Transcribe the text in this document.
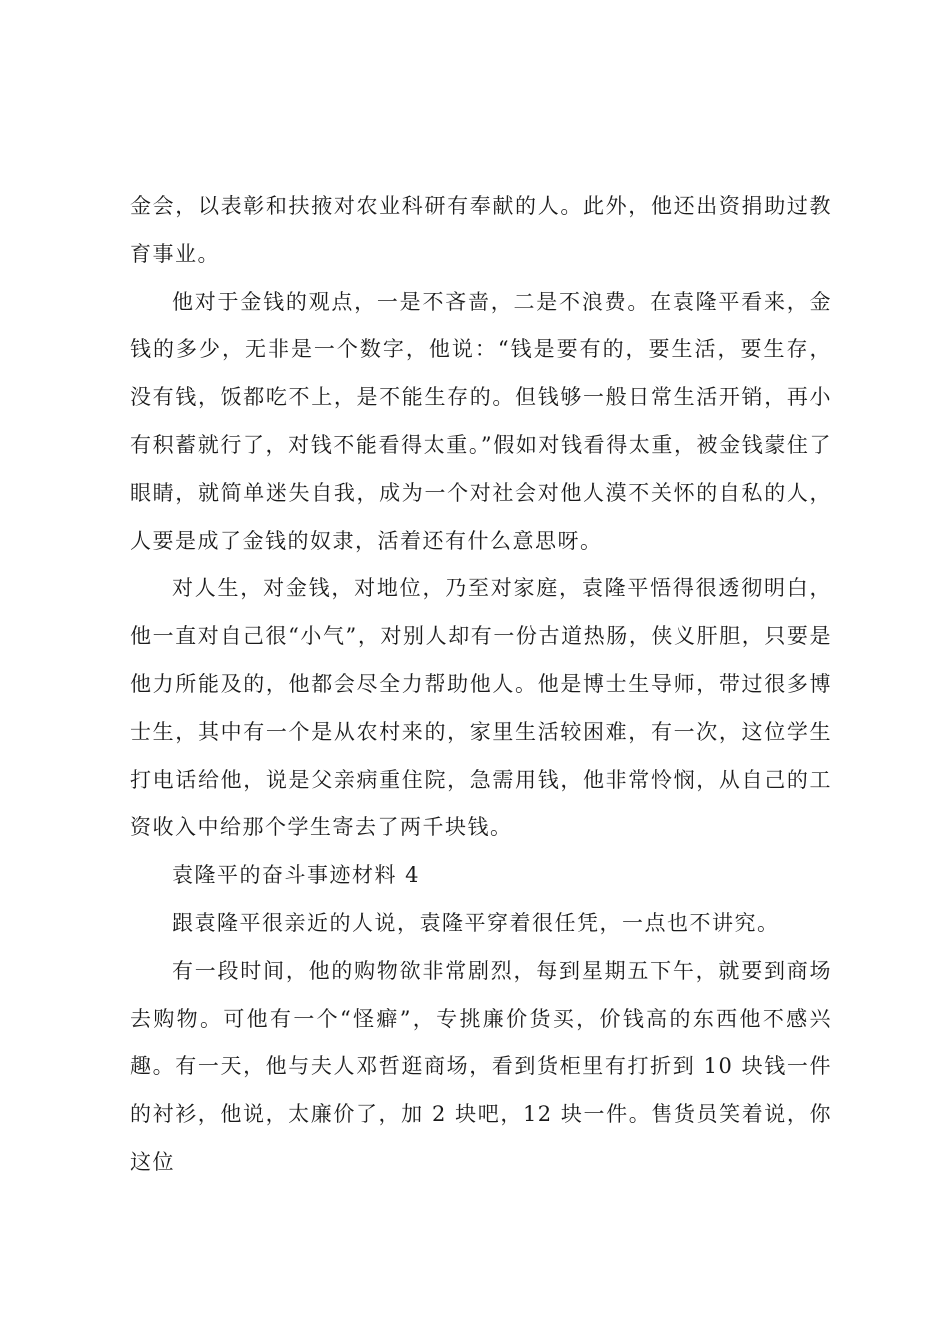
金会，以表彰和扶掖对农业科研有奉献的人。此外，他还出资捐助过教育事业。

他对于金钱的观点，一是不吝啬，二是不浪费。在袁隆平看来，金钱的多少，无非是一个数字，他说：“钱是要有的，要生活，要生存，没有钱，饭都吃不上，是不能生存的。但钱够一般日常生活开销，再小有积蓄就行了，对钱不能看得太重。”假如对钱看得太重，被金钱蒙住了眼睛，就简单迷失自我，成为一个对社会对他人漠不关怀的自私的人，人要是成了金钱的奴隶，活着还有什么意思呀。

对人生，对金钱，对地位，乃至对家庭，袁隆平悟得很透彻明白，他一直对自己很“小气”，对别人却有一份古道热肠，侠义肝胆，只要是他力所能及的，他都会尽全力帮助他人。他是博士生导师，带过很多博士生，其中有一个是从农村来的，家里生活较困难，有一次，这位学生打电话给他，说是父亲病重住院，急需用钱，他非常怜悯，从自己的工资收入中给那个学生寄去了两千块钱。

袁隆平的奋斗事迹材料 4

跟袁隆平很亲近的人说，袁隆平穿着很任凭，一点也不讲究。

有一段时间，他的购物欲非常剧烈，每到星期五下午，就要到商场去购物。可他有一个“怪癖”，专挑廉价货买，价钱高的东西他不感兴趣。有一天，他与夫人邓哲逛商场，看到货柜里有打折到 10 块钱一件的衬衫，他说，太廉价了，加 2 块吧，12 块一件。售货员笑着说，你这位
